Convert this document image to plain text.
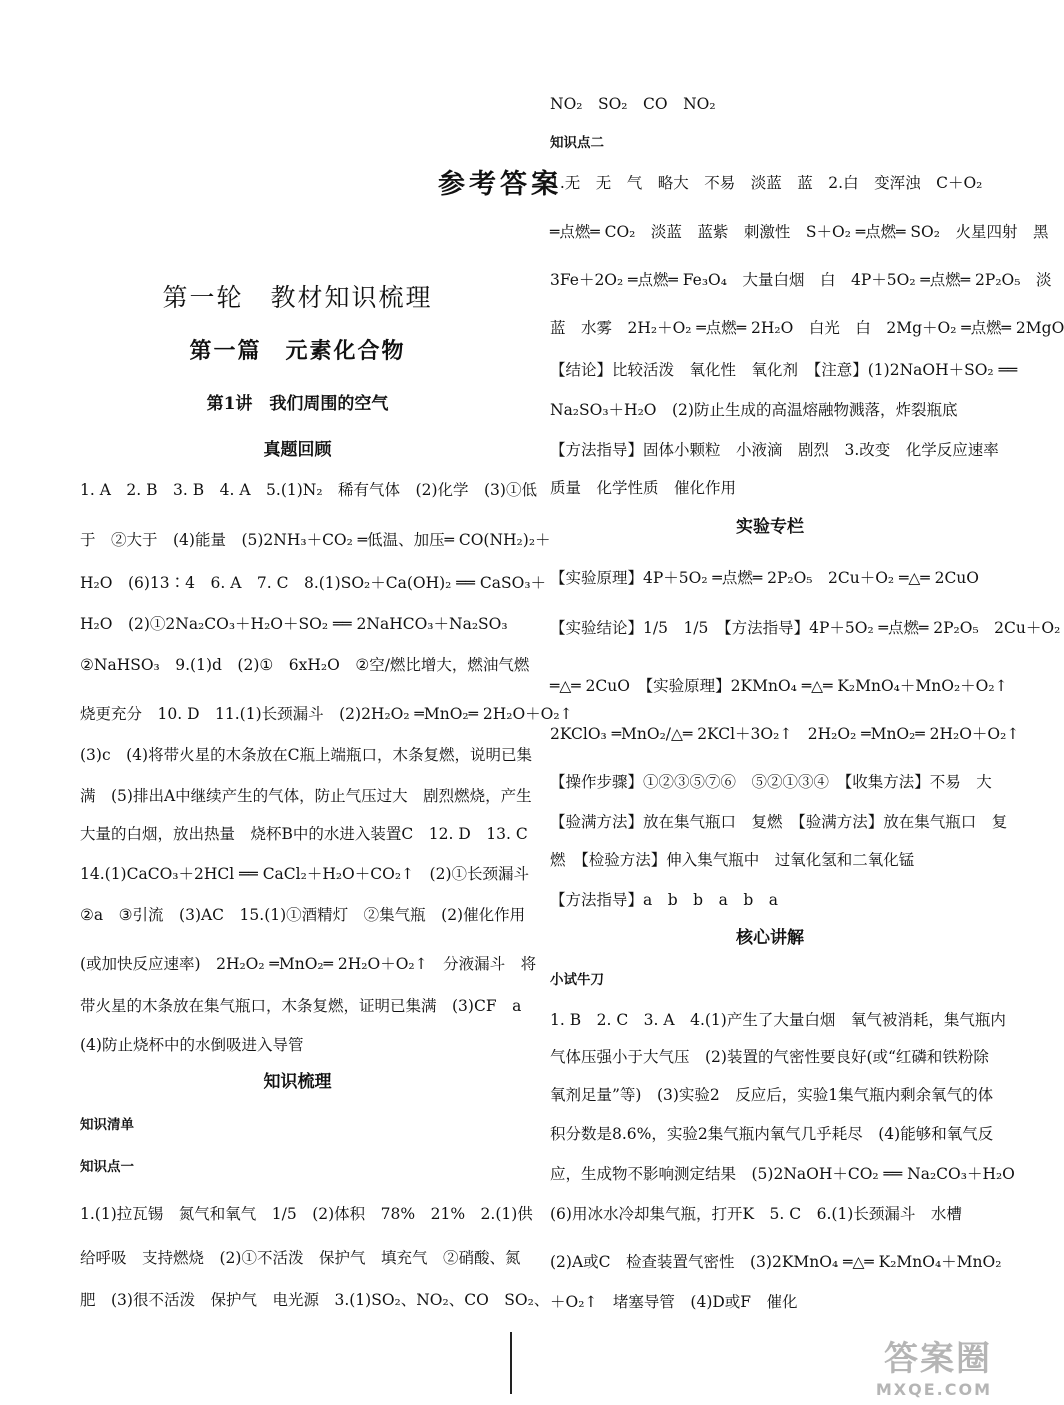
参考答案
第一轮　教材知识梳理
第一篇　元素化合物
第1讲　我们周围的空气
真题回顾
1. A　2. B　3. B　4. A　5.(1)N₂　稀有气体　(2)化学　(3)①低
于　②大于　(4)能量　(5)2NH₃＋CO₂ ═低温、加压═ CO(NH₂)₂＋
H₂O　(6)13∶4　6. A　7. C　8.(1)SO₂＋Ca(OH)₂ ══ CaSO₃＋
H₂O　(2)①2Na₂CO₃＋H₂O＋SO₂ ══ 2NaHCO₃＋Na₂SO₃
②NaHSO₃　9.(1)d　(2)①　6xH₂O　②空/燃比增大，燃油气燃
烧更充分　10. D　11.(1)长颈漏斗　(2)2H₂O₂ ═MnO₂═ 2H₂O＋O₂↑
(3)c　(4)将带火星的木条放在C瓶上端瓶口，木条复燃，说明已集
满　(5)排出A中继续产生的气体，防止气压过大　剧烈燃烧，产生
大量的白烟，放出热量　烧杯B中的水进入装置C　12. D　13. C
14.(1)CaCO₃＋2HCl ══ CaCl₂＋H₂O＋CO₂↑　(2)①长颈漏斗
②a　③引流　(3)AC　15.(1)①酒精灯　②集气瓶　(2)催化作用
(或加快反应速率)　2H₂O₂ ═MnO₂═ 2H₂O＋O₂↑　分液漏斗　将
带火星的木条放在集气瓶口，木条复燃，证明已集满　(3)CF　a
(4)防止烧杯中的水倒吸进入导管
知识梳理
知识清单
知识点一
1.(1)拉瓦锡　氮气和氧气　1/5　(2)体积　78%　21%　2.(1)供
给呼吸　支持燃烧　(2)①不活泼　保护气　填充气　②硝酸、氮
肥　(3)很不活泼　保护气　电光源　3.(1)SO₂、NO₂、CO　SO₂、
NO₂　SO₂　CO　NO₂
知识点二
1.无　无　气　略大　不易　淡蓝　蓝　2.白　变浑浊　C＋O₂
═点燃═ CO₂　淡蓝　蓝紫　刺激性　S＋O₂ ═点燃═ SO₂　火星四射　黑
3Fe＋2O₂ ═点燃═ Fe₃O₄　大量白烟　白　4P＋5O₂ ═点燃═ 2P₂O₅　淡
蓝　水雾　2H₂＋O₂ ═点燃═ 2H₂O　白光　白　2Mg＋O₂ ═点燃═ 2MgO
【结论】比较活泼　氧化性　氧化剂　【注意】(1)2NaOH＋SO₂ ══
Na₂SO₃＋H₂O　(2)防止生成的高温熔融物溅落，炸裂瓶底
【方法指导】固体小颗粒　小液滴　剧烈　3.改变　化学反应速率
质量　化学性质　催化作用
实验专栏
【实验原理】4P＋5O₂ ═点燃═ 2P₂O₅　2Cu＋O₂ ═△═ 2CuO
【实验结论】1/5　1/5　【方法指导】4P＋5O₂ ═点燃═ 2P₂O₅　2Cu＋O₂
═△═ 2CuO　【实验原理】2KMnO₄ ═△═ K₂MnO₄＋MnO₂＋O₂↑
2KClO₃ ═MnO₂/△═ 2KCl＋3O₂↑　2H₂O₂ ═MnO₂═ 2H₂O＋O₂↑
【操作步骤】①②③⑤⑦⑥　⑤②①③④　【收集方法】不易　大
【验满方法】放在集气瓶口　复燃　【验满方法】放在集气瓶口　复
燃　【检验方法】伸入集气瓶中　过氧化氢和二氧化锰
【方法指导】a　b　b　a　b　a
核心讲解
小试牛刀
1. B　2. C　3. A　4.(1)产生了大量白烟　氧气被消耗，集气瓶内
气体压强小于大气压　(2)装置的气密性要良好(或“红磷和铁粉除
氧剂足量”等)　(3)实验2　反应后，实验1集气瓶内剩余氧气的体
积分数是8.6%，实验2集气瓶内氧气几乎耗尽　(4)能够和氧气反
应，生成物不影响测定结果　(5)2NaOH＋CO₂ ══ Na₂CO₃＋H₂O
(6)用冰水冷却集气瓶，打开K　5. C　6.(1)长颈漏斗　水槽
(2)A或C　检查装置气密性　(3)2KMnO₄ ═△═ K₂MnO₄＋MnO₂
＋O₂↑　堵塞导管　(4)D或F　催化
答案圈
MXQE.COM
